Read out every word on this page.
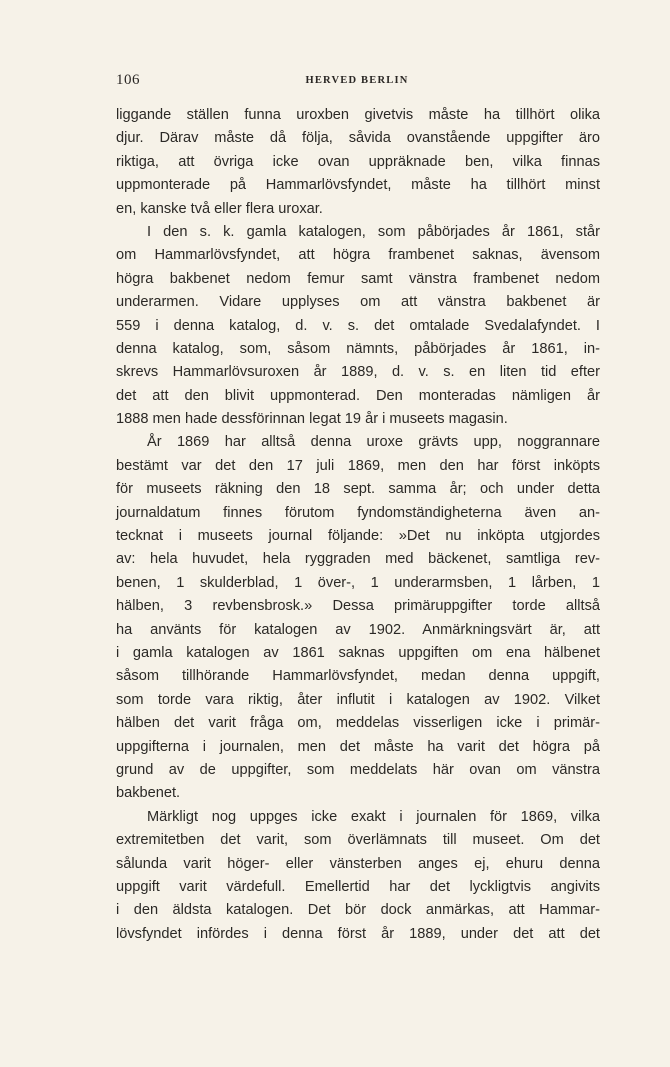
106	HERVED BERLIN
liggande ställen funna uroxben givetvis måste ha tillhört olika
djur. Därav måste då följa, såvida ovanstående uppgifter äro
riktiga, att övriga icke ovan uppräknade ben, vilka finnas
uppmonterade på Hammarlövsfyndet, måste ha tillhört minst
en, kanske två eller flera uroxar.
I den s. k. gamla katalogen, som påbörjades år 1861, står
om Hammarlövsfyndet, att högra frambenet saknas, ävensom
högra bakbenet nedom femur samt vänstra frambenet nedom
underarmen. Vidare upplyses om att vänstra bakbenet är
559 i denna katalog, d. v. s. det omtalade Svedalafyndet. I
denna katalog, som, såsom nämnts, påbörjades år 1861, in-
skrevs Hammarlövsuroxen år 1889, d. v. s. en liten tid efter
det att den blivit uppmonterad. Den monteradas nämligen år
1888 men hade dessförinnan legat 19 år i museets magasin.
År 1869 har alltså denna uroxe grävts upp, noggrannare
bestämt var det den 17 juli 1869, men den har först inköpts
för museets räkning den 18 sept. samma år; och under detta
journaldatum finnes förutom fyndomständigheterna även an-
tecknat i museets journal följande: »Det nu inköpta utgjordes
av: hela huvudet, hela ryggraden med bäckenet, samtliga rev-
benen, 1 skulderblad, 1 över-, 1 underarmsben, 1 lårben, 1
hälben, 3 revbensbrosk.» Dessa primäruppgifter torde alltså
ha använts för katalogen av 1902. Anmärkningsvärt är, att
i gamla katalogen av 1861 saknas uppgiften om ena hälbenet
såsom tillhörande Hammarlövsfyndet, medan denna uppgift,
som torde vara riktig, åter influtit i katalogen av 1902. Vilket
hälben det varit fråga om, meddelas visserligen icke i primär-
uppgifterna i journalen, men det måste ha varit det högra på
grund av de uppgifter, som meddelats här ovan om vänstra
bakbenet.
Märkligt nog uppges icke exakt i journalen för 1869, vilka
extremitetben det varit, som överlämnats till museet. Om det
sålunda varit höger- eller vänsterben anges ej, ehuru denna
uppgift varit värdefull. Emellertid har det lyckligtvis angivits
i den äldsta katalogen. Det bör dock anmärkas, att Hammar-
lövsfyndet infördes i denna först år 1889, under det att det
